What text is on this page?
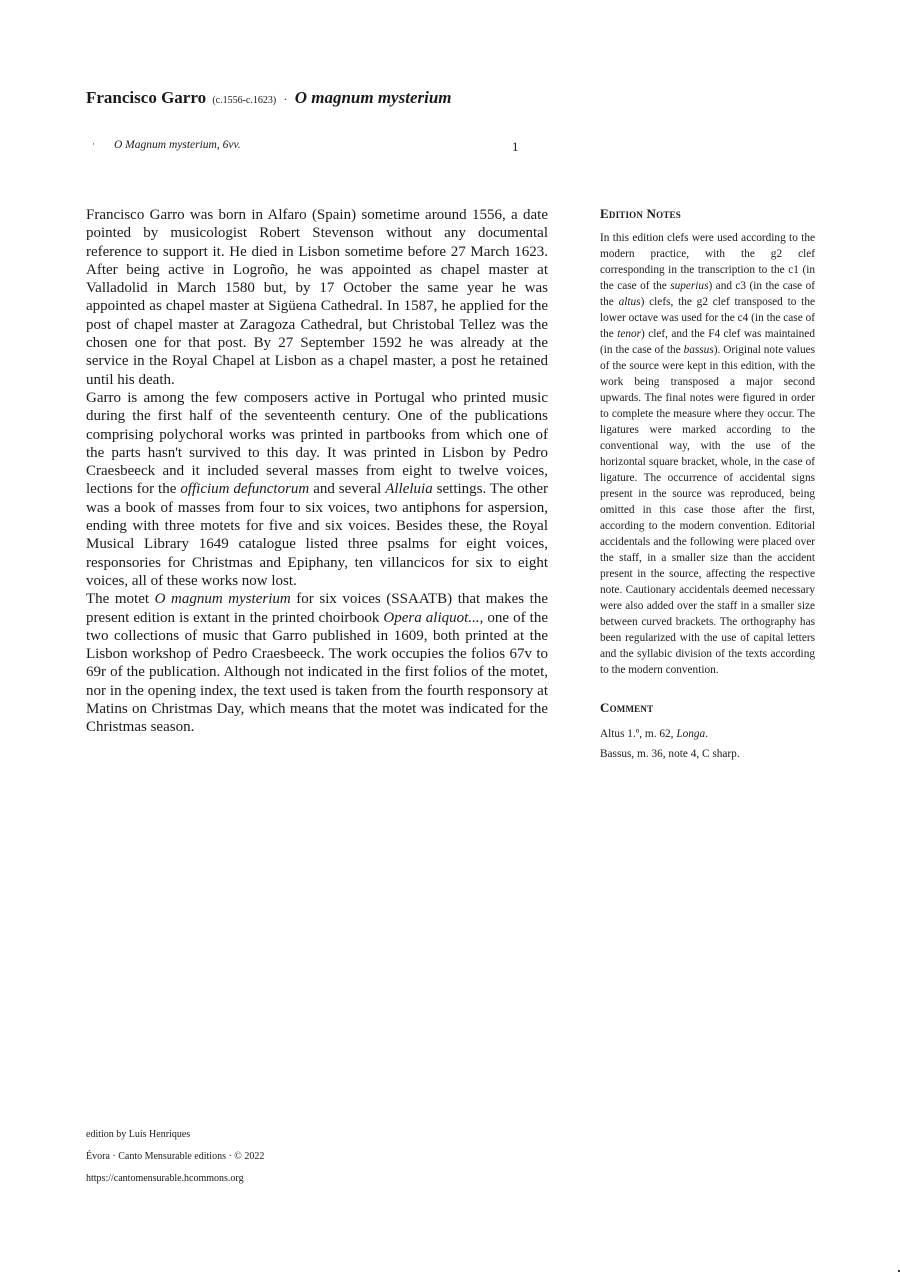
Francisco Garro (c.1556-c.1623) · O magnum mysterium
· O Magnum mysterium, 6vv.	1

Francisco Garro was born in Alfaro (Spain) sometime around 1556, a date pointed by musicologist Robert Stevenson without any documental reference to support it. He died in Lisbon sometime before 27 March 1623. After being active in Logroño, he was appointed as chapel master at Valladolid in March 1580 but, by 17 October the same year he was appointed as chapel master at Sigüena Cathedral. In 1587, he applied for the post of chapel master at Zaragoza Cathedral, but Christobal Tellez was the chosen one for that post. By 27 September 1592 he was already at the service in the Royal Chapel at Lisbon as a chapel master, a post he retained until his death.

Garro is among the few composers active in Portugal who printed music during the first half of the seventeenth century. One of the publications comprising polychoral works was printed in partbooks from which one of the parts hasn't survived to this day. It was printed in Lisbon by Pedro Craesbeeck and it included several masses from eight to twelve voices, lections for the officium defunctorum and several Alleluia settings. The other was a book of masses from four to six voices, two antiphons for aspersion, ending with three motets for five and six voices. Besides these, the Royal Musical Library 1649 catalogue listed three psalms for eight voices, responsories for Christmas and Epiphany, ten villancicos for six to eight voices, all of these works now lost.

The motet O magnum mysterium for six voices (SSAATB) that makes the present edition is extant in the printed choirbook Opera aliquot..., one of the two collections of music that Garro published in 1609, both printed at the Lisbon workshop of Pedro Craesbeeck. The work occupies the folios 67v to 69r of the publication. Although not indicated in the first folios of the motet, nor in the opening index, the text used is taken from the fourth responsory at Matins on Christmas Day, which means that the motet was indicated for the Christmas season.

Edition Notes

In this edition clefs were used according to the modern practice, with the g2 clef corresponding in the transcription to the c1 (in the case of the superius) and c3 (in the case of the altus) clefs, the g2 clef transposed to the lower octave was used for the c4 (in the case of the tenor) clef, and the F4 clef was maintained (in the case of the bassus). Original note values of the source were kept in this edition, with the work being transposed a major second upwards. The final notes were figured in order to complete the measure where they occur. The ligatures were marked according to the conventional way, with the use of the horizontal square bracket, whole, in the case of ligature. The occurrence of accidental signs present in the source was reproduced, being omitted in this case those after the first, according to the modern convention. Editorial accidentals and the following were placed over the staff, in a smaller size than the accident present in the source, affecting the respective note. Cautionary accidentals deemed necessary were also added over the staff in a smaller size between curved brackets. The orthography has been regularized with the use of capital letters and the syllabic division of the texts according to the modern convention.

Comment
Altus 1.º, m. 62, Longa.
Bassus, m. 36, note 4, C sharp.
edition by Luís Henriques
Évora · Canto Mensurable editions · © 2022
https://cantomensurable.hcommons.org
